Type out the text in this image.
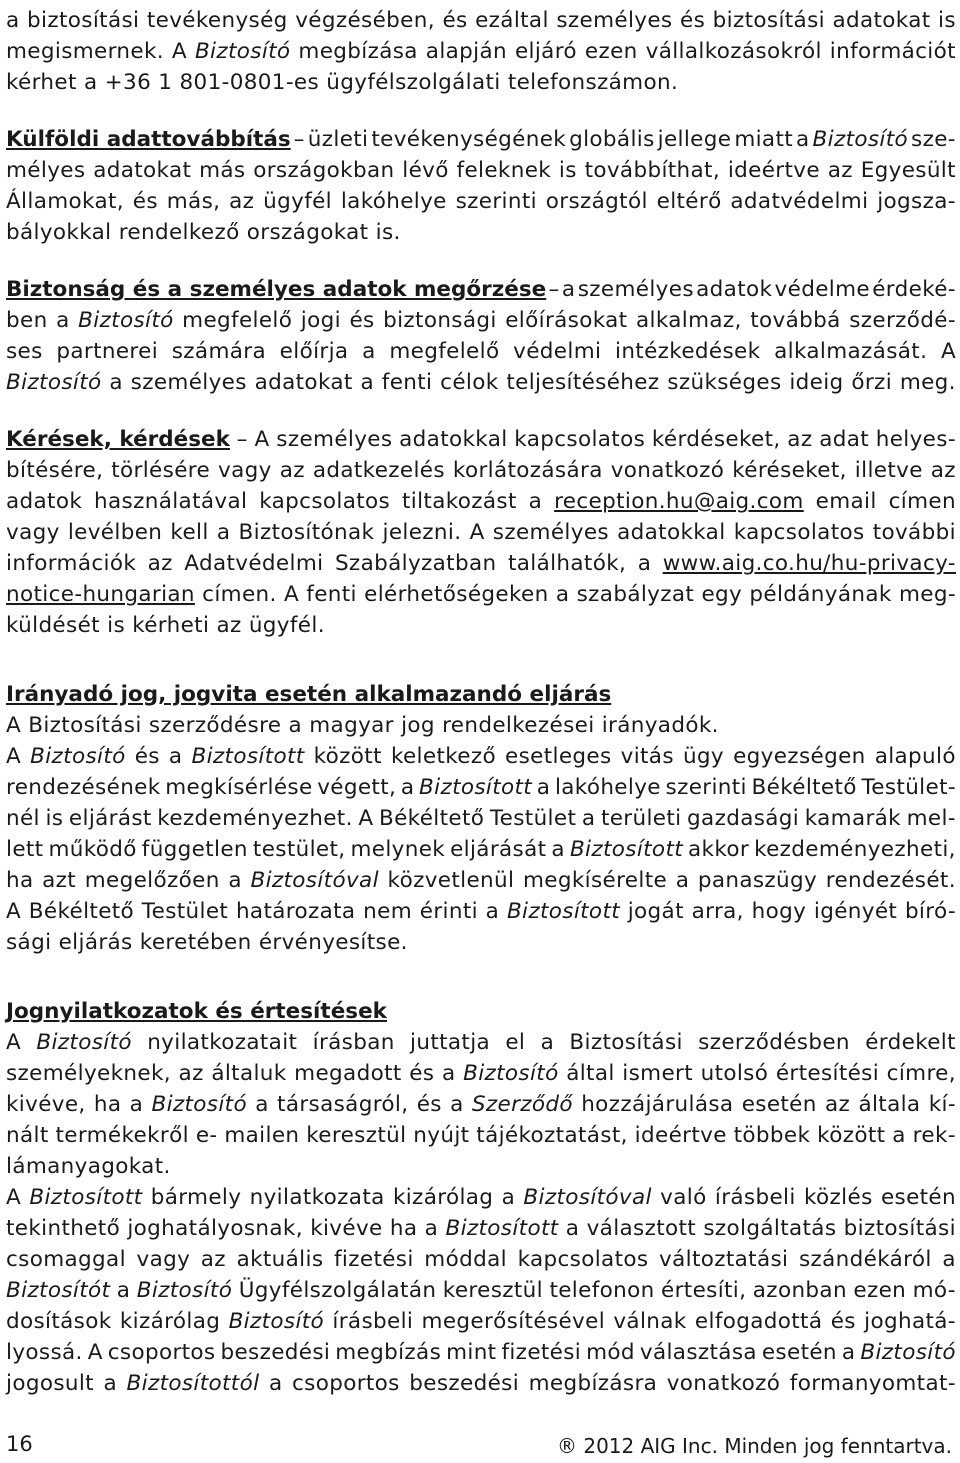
a biztosítási tevékenység végzésében, és ezáltal személyes és biztosítási adatokat is
megismernek. A Biztosító megbízása alapján eljáró ezen vállalkozásokról információt
kérhet a +36 1 801-0801-es ügyfélszolgálati telefonszámon.
Külföldi adattovábbítás – üzleti tevékenységének globális jellege miatt a Biztosító sze-
mélyes adatokat más országokban lévő feleknek is továbbíthat, ideértve az Egyesült
Államokat, és más, az ügyfél lakóhelye szerinti országtól eltérő adatvédelmi jogsza-
bályokkal rendelkező országokat is.
Biztonság és a személyes adatok megőrzése – a személyes adatok védelme érdeké-
ben a Biztosító megfelelő jogi és biztonsági előírásokat alkalmaz, továbbá szerződé-
ses partnerei számára előírja a megfelelő védelmi intézkedések alkalmazását. A
Biztosító a személyes adatokat a fenti célok teljesítéséhez szükséges ideig őrzi meg.
Kérések, kérdések – A személyes adatokkal kapcsolatos kérdéseket, az adat helyes-
bítésére, törlésére vagy az adatkezelés korlátozására vonatkozó kéréseket, illetve az
adatok használatával kapcsolatos tiltakozást a reception.hu@aig.com email címen
vagy levélben kell a Biztosítónak jelezni. A személyes adatokkal kapcsolatos további
információk az Adatvédelmi Szabályzatban találhatók, a www.aig.co.hu/hu-privacy-
notice-hungarian címen. A fenti elérhetőségeken a szabályzat egy példányának meg-
küldését is kérheti az ügyfél.
Irányadó jog, jogvita esetén alkalmazandó eljárás
A Biztosítási szerződésre a magyar jog rendelkezései irányadók.
A Biztosító és a Biztosított között keletkező esetleges vitás ügy egyezségen alapuló
rendezésének megkísérlése végett, a Biztosított a lakóhelye szerinti Békéltető Testület-
nél is eljárást kezdeményezhet. A Békéltető Testület a területi gazdasági kamarák mel-
lett működő független testület, melynek eljárását a Biztosított akkor kezdeményezheti,
ha azt megelőzően a Biztosítóval közvetlenül megkísérelte a panaszügy rendezését.
A Békéltető Testület határozata nem érinti a Biztosított jogát arra, hogy igényét bíró-
sági eljárás keretében érvényesítse.
Jognyilatkozatok és értesítések
A Biztosító nyilatkozatait írásban juttatja el a Biztosítási szerződésben érdekelt
személyeknek, az általuk megadott és a Biztosító által ismert utolsó értesítési címre,
kivéve, ha a Biztosító a társaságról, és a Szerződő hozzájárulása esetén az általa kí-
nált termékekről e- mailen keresztül nyújt tájékoztatást, ideértve többek között a rek-
lámanyagokat.
A Biztosított bármely nyilatkozata kizárólag a Biztosítóval való írásbeli közlés esetén
tekinthető joghatályosnak, kivéve ha a Biztosított a választott szolgáltatás biztosítási
csomaggal vagy az aktuális fizetési móddal kapcsolatos változtatási szándékáról a
Biztosítót a Biztosító Ügyfélszolgálatán keresztül telefonon értesíti, azonban ezen mó-
dosítások kizárólag Biztosító írásbeli megerősítésével válnak elfogadottá és joghatá-
lyossá. A csoportos beszedési megbízás mint fizetési mód választása esetén a Biztosító
jogosult a Biztosítottól a csoportos beszedési megbízásra vonatkozó formanyomtat-
16	® 2012 AIG Inc. Minden jog fenntartva.
